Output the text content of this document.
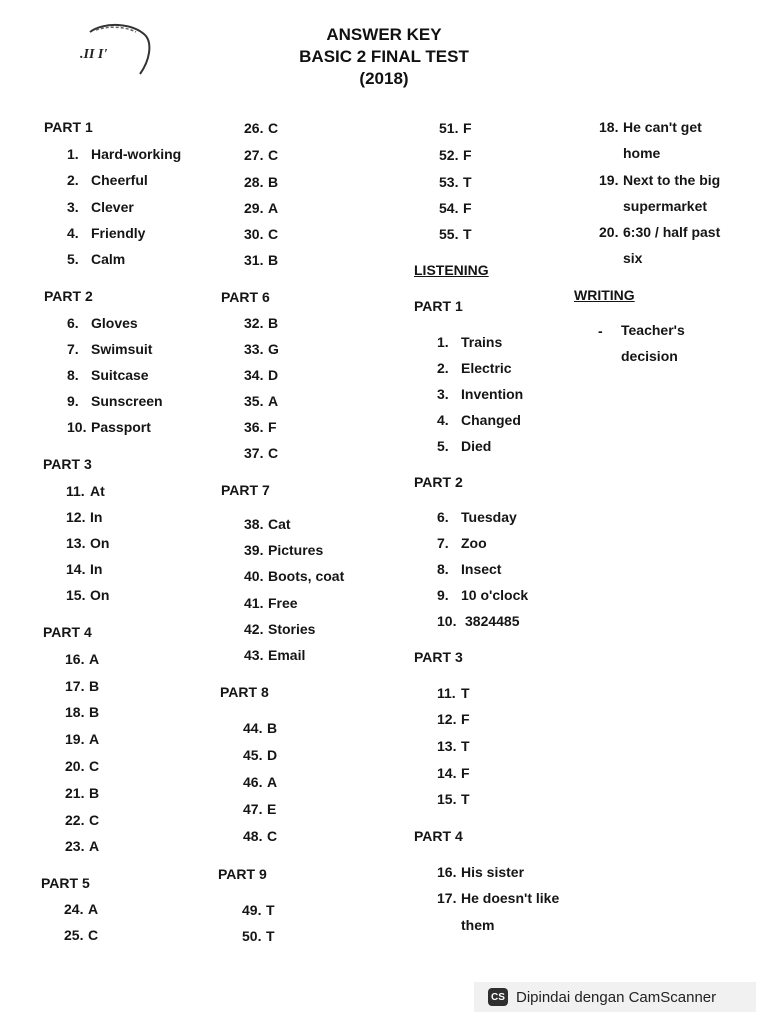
.II I'
ANSWER KEY
BASIC 2 FINAL TEST
(2018)
PART 1
1. Hard-working
2. Cheerful
3. Clever
4. Friendly
5. Calm
PART 2
6. Gloves
7. Swimsuit
8. Suitcase
9. Sunscreen
10. Passport
PART 3
11. At
12. In
13. On
14. In
15. On
PART 4
16. A
17. B
18. B
19. A
20. C
21. B
22. C
23. A
PART 5
24. A
25. C
26. C
27. C
28. B
29. A
30. C
31. B
PART 6
32. B
33. G
34. D
35. A
36. F
37. C
PART 7
38. Cat
39. Pictures
40. Boots, coat
41. Free
42. Stories
43. Email
PART 8
44. B
45. D
46. A
47. E
48. C
PART 9
49. T
50. T
51. F
52. F
53. T
54. F
55. T
LISTENING
PART 1
1. Trains
2. Electric
3. Invention
4. Changed
5. Died
PART 2
6. Tuesday
7. Zoo
8. Insect
9. 10 o'clock
10. 3824485
PART 3
11. T
12. F
13. T
14. F
15. T
PART 4
16. His sister
17. He doesn't like
them
18. He can't get
home
19. Next to the big
supermarket
20. 6:30 / half past
six
WRITING
- Teacher's
decision
CS Dipindai dengan CamScanner
